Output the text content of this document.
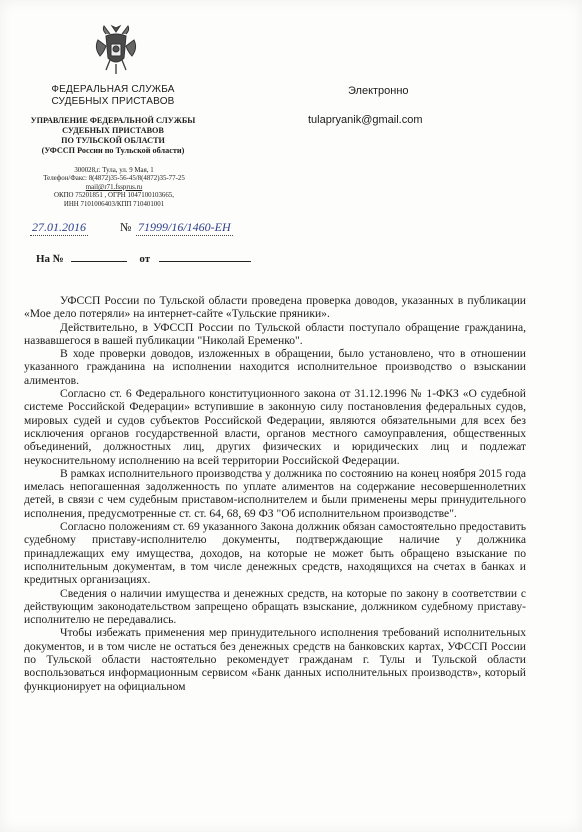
ФЕДЕРАЛЬНАЯ СЛУЖБА
СУДЕБНЫХ ПРИСТАВОВ
УПРАВЛЕНИЕ ФЕДЕРАЛЬНОЙ СЛУЖБЫ
СУДЕБНЫХ ПРИСТАВОВ
ПО ТУЛЬСКОЙ ОБЛАСТИ
(УФССП России по Тульской области)
300028,г. Тула, ул. 9 Мая, 1
Телефон/Факс: 8(4872)35-56-45/8(4872)35-77-25
mail@r71.fssprus.ru
ОКПО 75201851 , ОГРН 1047100103665,
ИНН 7101006403/КПП 710401001
Электронно
tulapryanik@gmail.com
27.01.2016	№ 71999/16/1460-ЕН
На №	от

УФССП России по Тульской области проведена проверка доводов, указанных в публикации «Мое дело потеряли» на интернет-сайте «Тульские пряники».

Действительно, в УФССП России по Тульской области поступало обращение гражданина, назвавшегося в вашей публикации "Николай Еременко".

В ходе проверки доводов, изложенных в обращении, было установлено, что в отношении указанного гражданина на исполнении находится исполнительное производство о взыскании алиментов.

Согласно ст. 6 Федерального конституционного закона от 31.12.1996 № 1-ФКЗ «О судебной системе Российской Федерации» вступившие в законную силу постановления федеральных судов, мировых судей и судов субъектов Российской Федерации, являются обязательными для всех без исключения органов государственной власти, органов местного самоуправления, общественных объединений, должностных лиц, других физических и юридических лиц и подлежат неукоснительному исполнению на всей территории Российской Федерации.

В рамках исполнительного производства у должника по состоянию на конец ноября 2015 года имелась непогашенная задолженность по уплате алиментов на содержание несовершеннолетних детей, в связи с чем судебным приставом-исполнителем и были применены меры принудительного исполнения, предусмотренные ст. ст. 64, 68, 69 ФЗ "Об исполнительном производстве".

Согласно положениям ст. 69 указанного Закона должник обязан самостоятельно предоставить судебному приставу-исполнителю документы, подтверждающие наличие у должника принадлежащих ему имущества, доходов, на которые не может быть обращено взыскание по исполнительным документам, в том числе денежных средств, находящихся на счетах в банках и кредитных организациях.

Сведения о наличии имущества и денежных средств, на которые по закону в соответствии с действующим законодательством запрещено обращать взыскание, должником судебному приставу-исполнителю не передавались.

Чтобы избежать применения мер принудительного исполнения требований исполнительных документов, и в том числе не остаться без денежных средств на банковских картах, УФССП России по Тульской области настоятельно рекомендует гражданам г. Тулы и Тульской области воспользоваться информационным сервисом «Банк данных исполнительных производств», который функционирует на официальном
